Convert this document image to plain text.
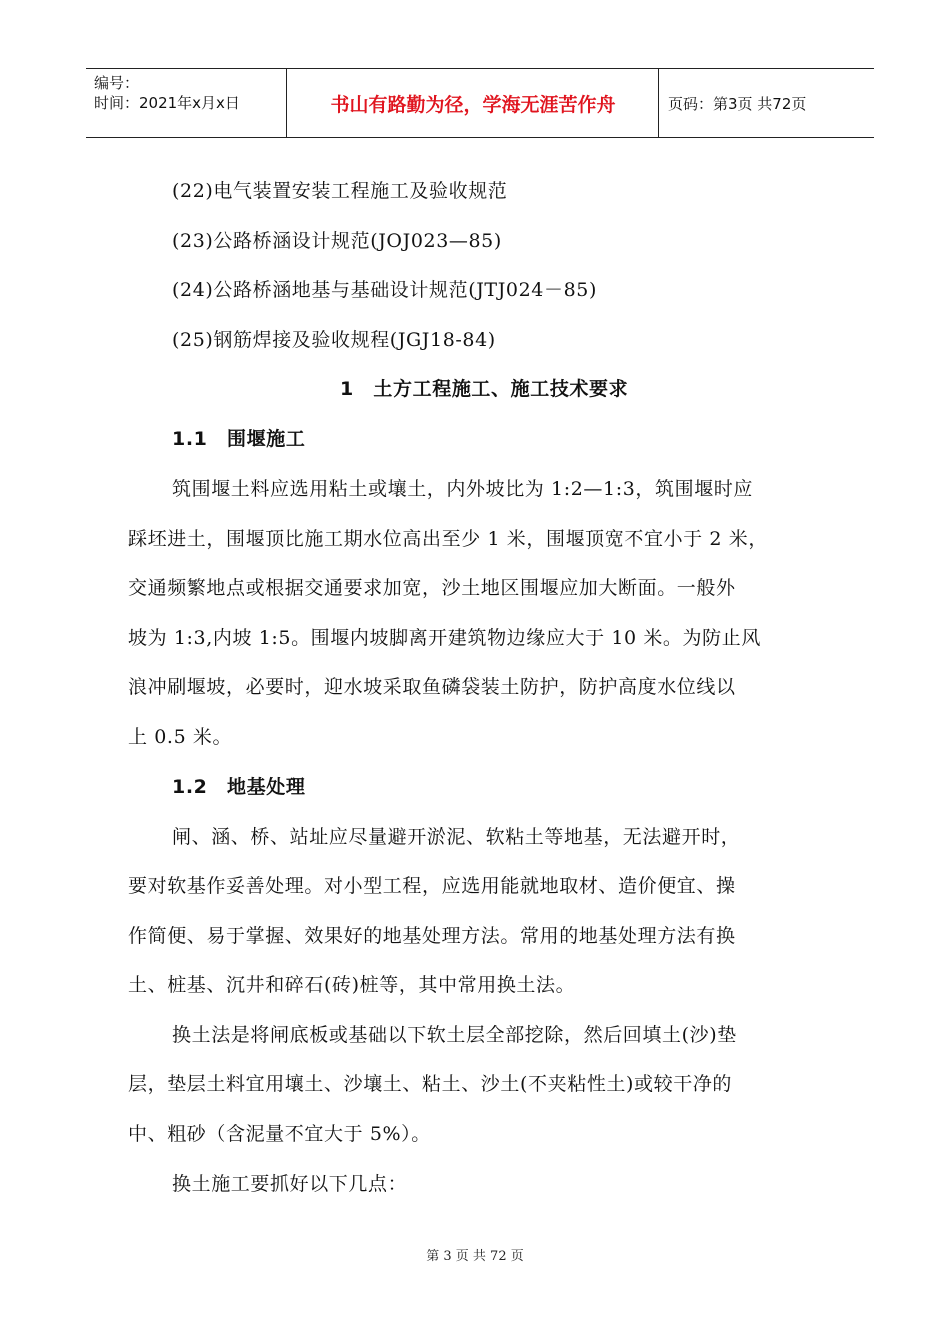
编号：
时间：2021年x月x日	书山有路勤为径，学海无涯苦作舟	页码：第3页 共72页
(22)电气装置安装工程施工及验收规范
(23)公路桥涵设计规范(JOJ023—85)
(24)公路桥涵地基与基础设计规范(JTJ024－85)
(25)钢筋焊接及验收规程(JGJ18-84)
1　土方工程施工、施工技术要求
1.1　围堰施工
筑围堰土料应选用粘土或壤土，内外坡比为 1:2—1:3，筑围堰时应
踩坯进土，围堰顶比施工期水位高出至少 1 米，围堰顶宽不宜小于 2 米，
交通频繁地点或根据交通要求加宽，沙土地区围堰应加大断面。一般外
坡为 1:3,内坡 1:5。围堰内坡脚离开建筑物边缘应大于 10 米。为防止风
浪冲刷堰坡，必要时，迎水坡采取鱼磷袋装土防护，防护高度水位线以
上 0.5 米。
1.2　地基处理
闸、涵、桥、站址应尽量避开淤泥、软粘土等地基，无法避开时，
要对软基作妥善处理。对小型工程，应选用能就地取材、造价便宜、操
作简便、易于掌握、效果好的地基处理方法。常用的地基处理方法有换
土、桩基、沉井和碎石(砖)桩等，其中常用换土法。
换土法是将闸底板或基础以下软土层全部挖除，然后回填土(沙)垫
层，垫层土料宜用壤土、沙壤土、粘土、沙土(不夹粘性土)或较干净的
中、粗砂（含泥量不宜大于 5%）。
换土施工要抓好以下几点：
第 3 页 共 72 页
